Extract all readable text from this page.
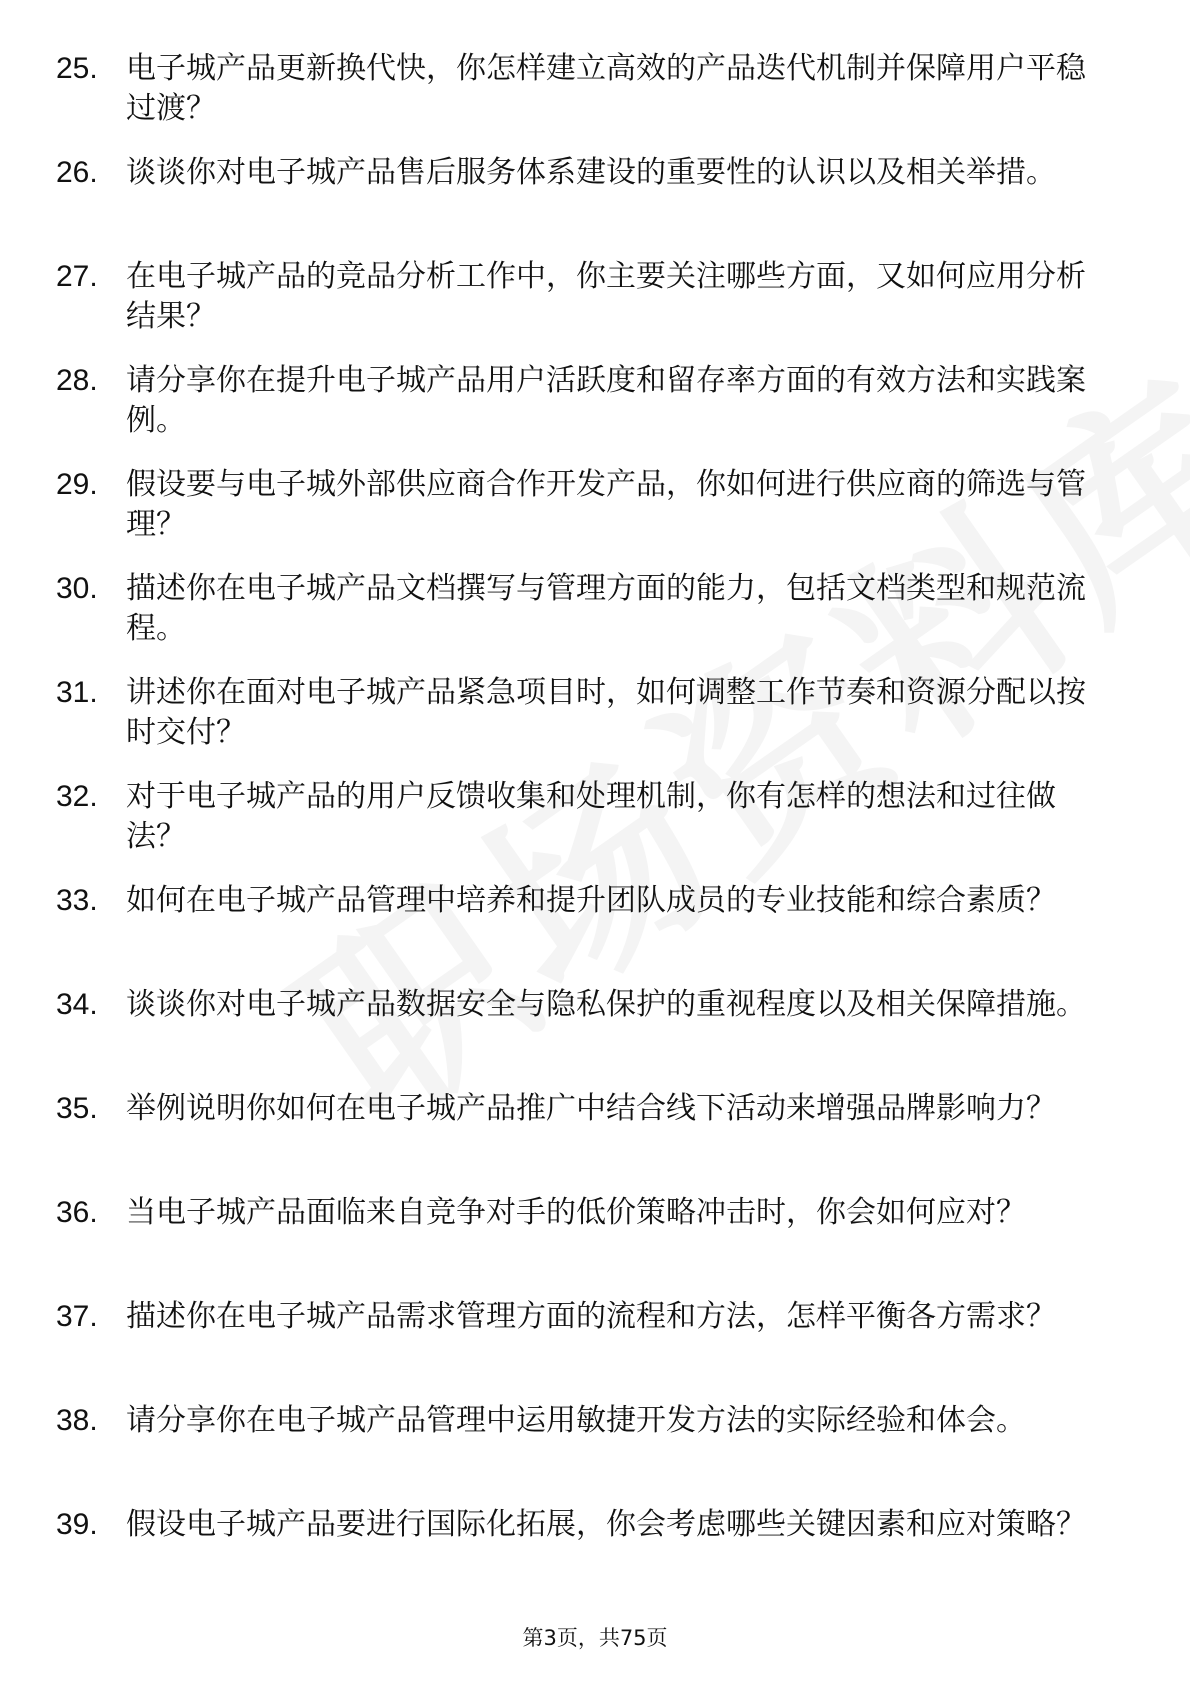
25. 电子城产品更新换代快，你怎样建立高效的产品迭代机制并保障用户平稳过渡？
26. 谈谈你对电子城产品售后服务体系建设的重要性的认识以及相关举措。
27. 在电子城产品的竞品分析工作中，你主要关注哪些方面，又如何应用分析结果？
28. 请分享你在提升电子城产品用户活跃度和留存率方面的有效方法和实践案例。
29. 假设要与电子城外部供应商合作开发产品，你如何进行供应商的筛选与管理？
30. 描述你在电子城产品文档撰写与管理方面的能力，包括文档类型和规范流程。
31. 讲述你在面对电子城产品紧急项目时，如何调整工作节奏和资源分配以按时交付？
32. 对于电子城产品的用户反馈收集和处理机制，你有怎样的想法和过往做法？
33. 如何在电子城产品管理中培养和提升团队成员的专业技能和综合素质？
34. 谈谈你对电子城产品数据安全与隐私保护的重视程度以及相关保障措施。
35. 举例说明你如何在电子城产品推广中结合线下活动来增强品牌影响力？
36. 当电子城产品面临来自竞争对手的低价策略冲击时，你会如何应对？
37. 描述你在电子城产品需求管理方面的流程和方法，怎样平衡各方需求？
38. 请分享你在电子城产品管理中运用敏捷开发方法的实际经验和体会。
39. 假设电子城产品要进行国际化拓展，你会考虑哪些关键因素和应对策略？
第3页，共75页
